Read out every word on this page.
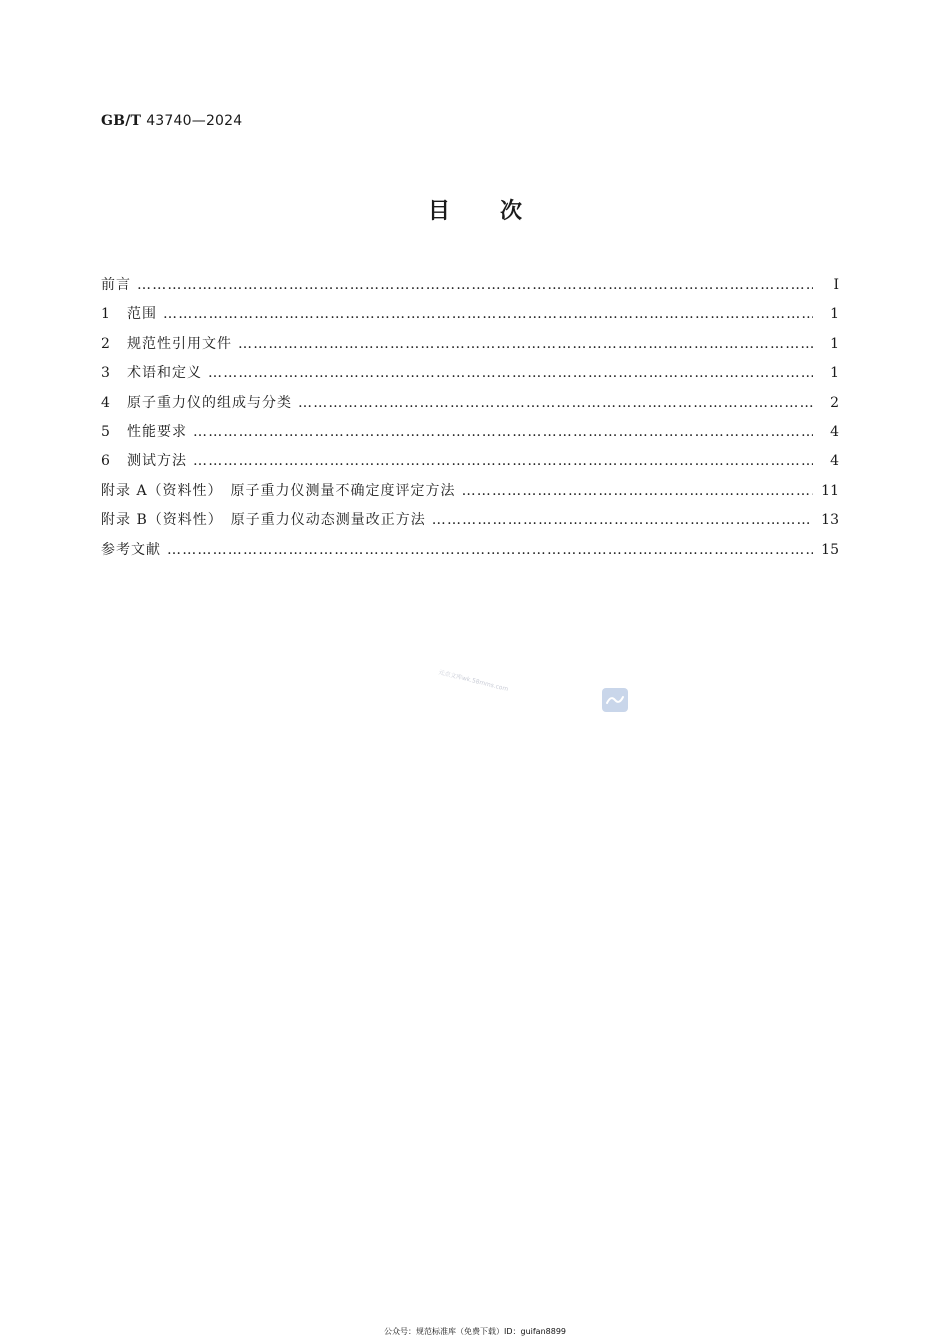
GB/T 43740—2024
目次
前言 …………………………………………………………………………………………………………………………………………………………………………	I
1	范围 …………………………………………………………………………………………………………………………………………………………………………	1
2	规范性引用文件 …………………………………………………………………………………………………………………………………………………………………………	1
3	术语和定义 …………………………………………………………………………………………………………………………………………………………………………	1
4	原子重力仪的组成与分类 …………………………………………………………………………………………………………………………………………………………………………	2
5	性能要求 …………………………………………………………………………………………………………………………………………………………………………	4
6	测试方法 …………………………………………………………………………………………………………………………………………………………………………	4
附录 A（资料性）　原子重力仪测量不确定度评定方法 …………………………………………………………………………………………………………………………………………………………………………	11
附录 B（资料性）　原子重力仪动态测量改正方法 …………………………………………………………………………………………………………………………………………………………………………	13
参考文献 …………………………………………………………………………………………………………………………………………………………………………	15
元点文库wk.58mms.com
公众号：规范标准库（免费下载）ID：guifan8899
